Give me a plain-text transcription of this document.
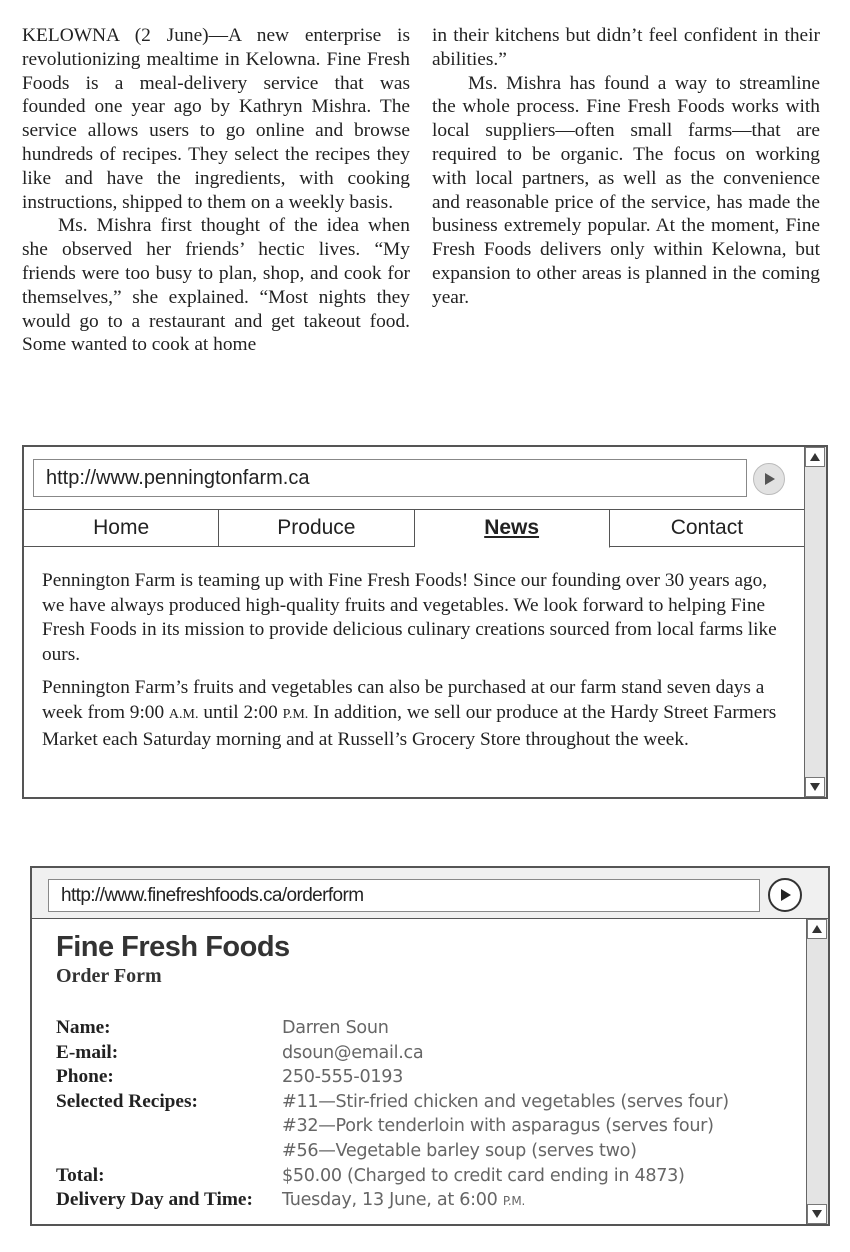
KELOWNA (2 June)—A new enterprise is revolutionizing mealtime in Kelowna. Fine Fresh Foods is a meal-delivery service that was founded one year ago by Kathryn Mishra. The service allows users to go online and browse hundreds of recipes. They select the recipes they like and have the ingredients, with cooking instructions, shipped to them on a weekly basis.

Ms. Mishra first thought of the idea when she observed her friends’ hectic lives. “My friends were too busy to plan, shop, and cook for themselves,” she explained. “Most nights they would go to a restaurant and get takeout food. Some wanted to cook at home

in their kitchens but didn’t feel confident in their abilities.”

Ms. Mishra has found a way to streamline the whole process. Fine Fresh Foods works with local suppliers—often small farms—that are required to be organic. The focus on working with local partners, as well as the convenience and reasonable price of the service, has made the business extremely popular. At the moment, Fine Fresh Foods delivers only within Kelowna, but expansion to other areas is planned in the coming year.

http://www.penningtonfarm.ca
Home	Produce	News	Contact

Pennington Farm is teaming up with Fine Fresh Foods! Since our founding over 30 years ago, we have always produced high-quality fruits and vegetables. We look forward to helping Fine Fresh Foods in its mission to provide delicious culinary creations sourced from local farms like ours.

Pennington Farm’s fruits and vegetables can also be purchased at our farm stand seven days a week from 9:00 A.M. until 2:00 P.M. In addition, we sell our produce at the Hardy Street Farmers Market each Saturday morning and at Russell’s Grocery Store throughout the week.

http://www.finefreshfoods.ca/orderform
Fine Fresh Foods
Order Form
Name:	Darren Soun
E-mail:	dsoun@email.ca
Phone:	250-555-0193
Selected Recipes:	#11—Stir-fried chicken and vegetables (serves four)
#32—Pork tenderloin with asparagus (serves four)
#56—Vegetable barley soup (serves two)
Total:	$50.00 (Charged to credit card ending in 4873)
Delivery Day and Time:	Tuesday, 13 June, at 6:00 P.M.
